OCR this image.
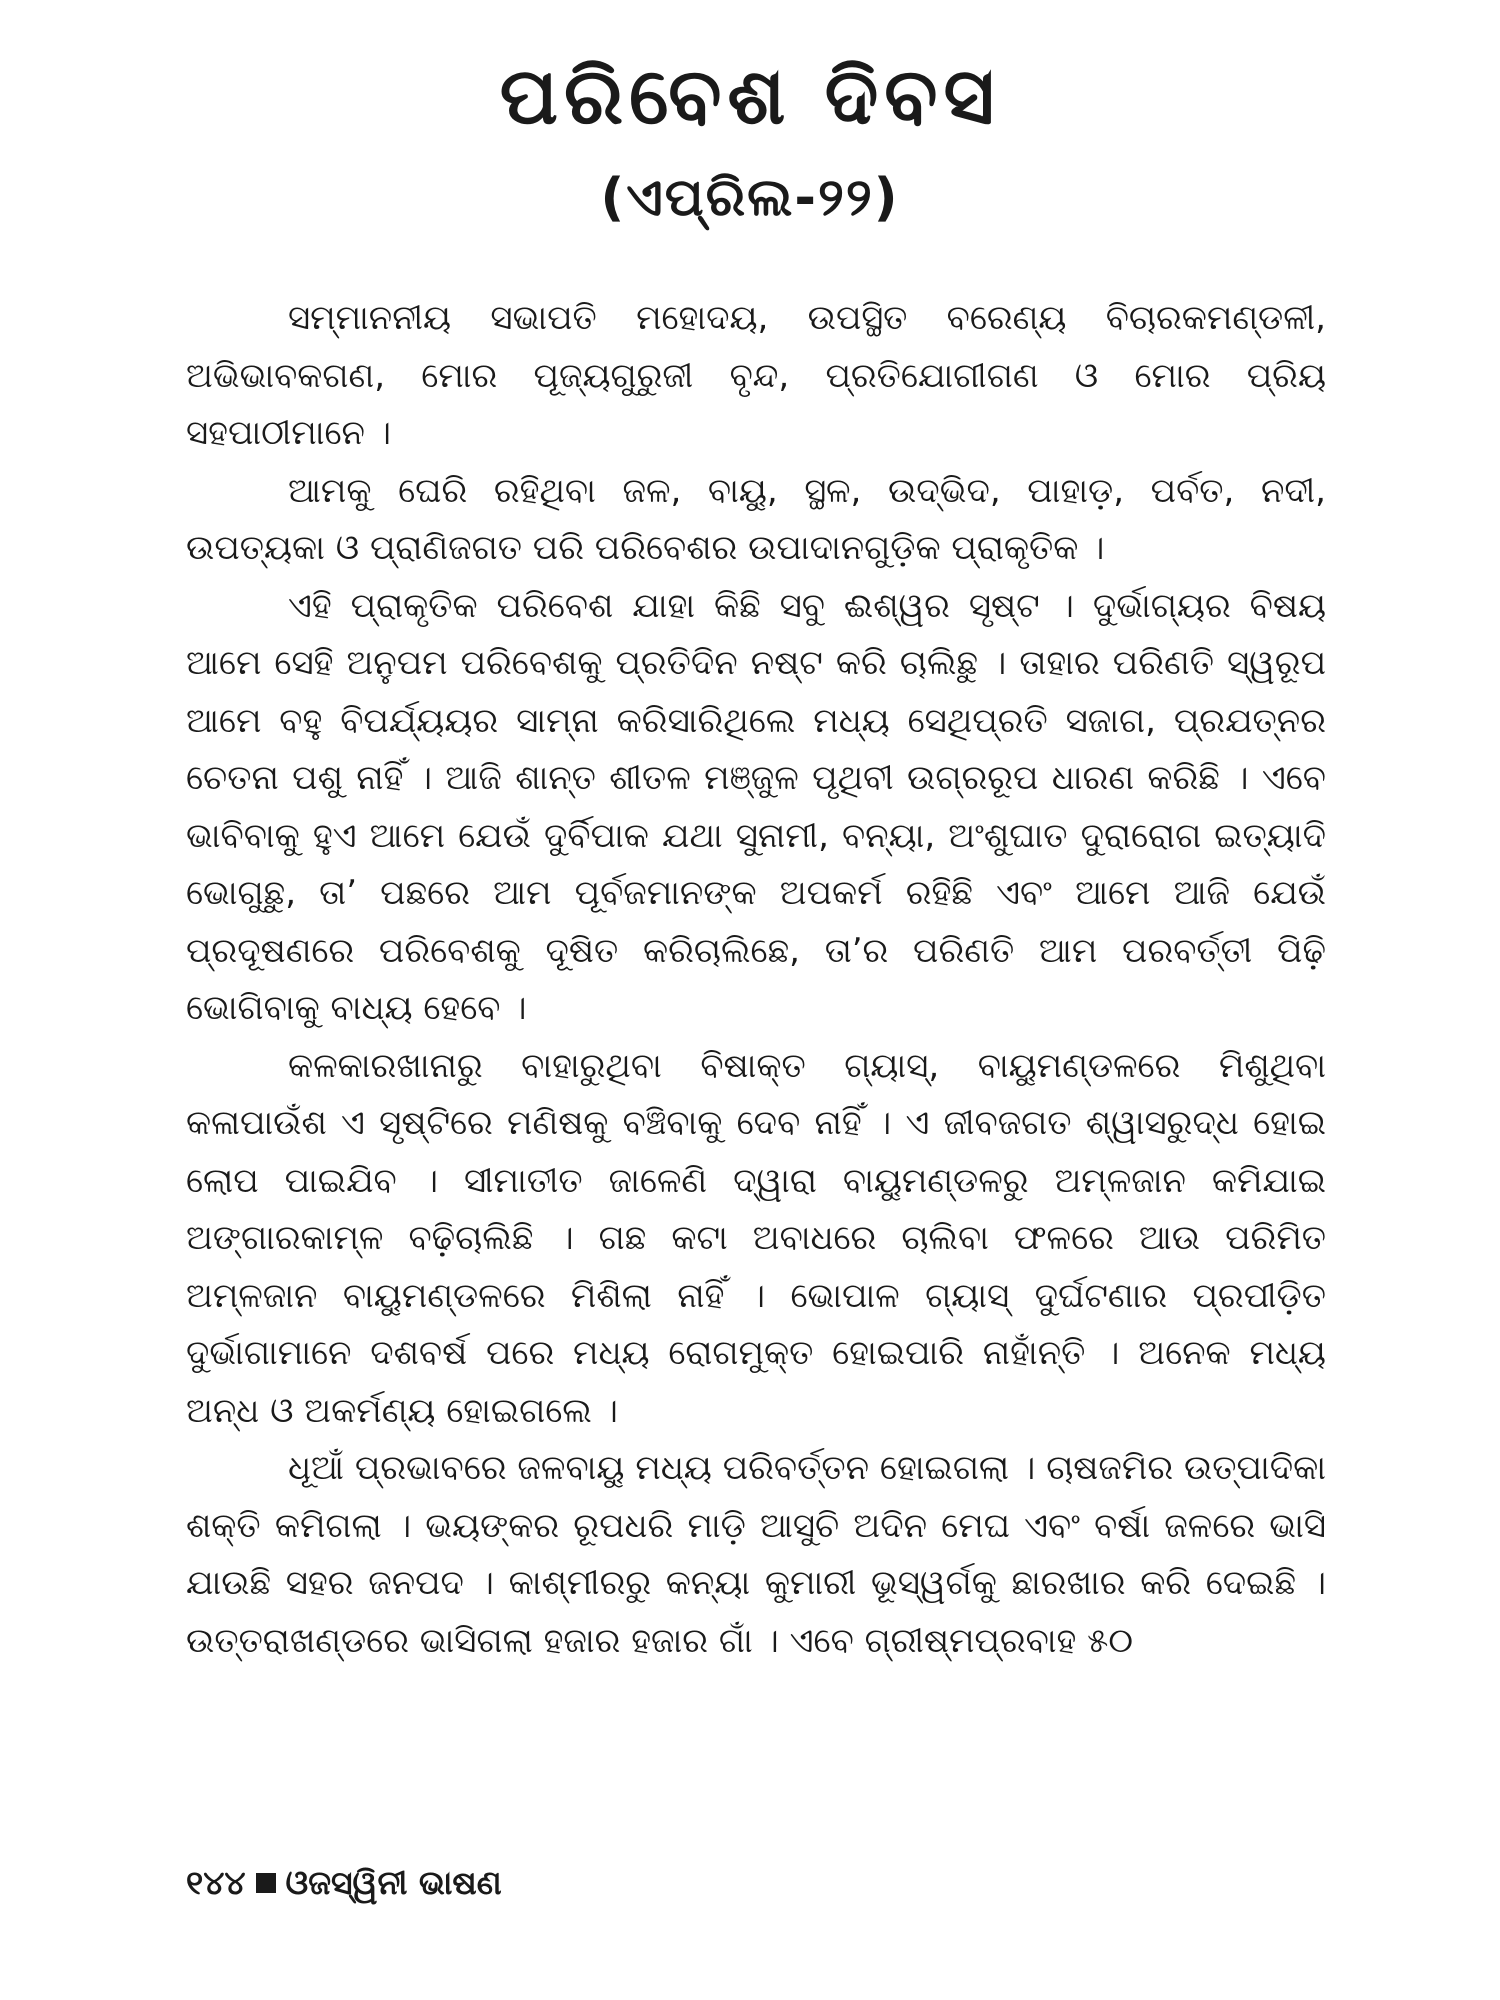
ପରିବେଶ ଦିବସ
(ଏପ୍ରିଲ-୨୨)

ସମ୍ମାନନୀୟ ସଭାପତି ମହୋଦୟ, ଉପସ୍ଥିତ ବରେଣ୍ୟ ବିଚାରକମଣ୍ଡଳୀ, ଅଭିଭାବକଗଣ, ମୋର ପୂଜ୍ୟଗୁରୁଜୀ ବୃନ୍ଦ, ପ୍ରତିଯୋଗୀଗଣ ଓ ମୋର ପ୍ରିୟ ସହପାଠୀମାନେ ।

ଆମକୁ ଘେରି ରହିଥିବା ଜଳ, ବାୟୁ, ସ୍ଥଳ, ଉଦ୍ଭିଦ, ପାହାଡ଼, ପର୍ବତ, ନଦୀ, ଉପତ୍ୟକା ଓ ପ୍ରାଣିଜଗତ ପରି ପରିବେଶର ଉପାଦାନଗୁଡ଼ିକ ପ୍ରାକୃତିକ ।

ଏହି ପ୍ରାକୃତିକ ପରିବେଶ ଯାହା କିଛି ସବୁ ଈଶ୍ୱର ସୃଷ୍ଟ । ଦୁର୍ଭାଗ୍ୟର ବିଷୟ ଆମେ ସେହି ଅନୁପମ ପରିବେଶକୁ ପ୍ରତିଦିନ ନଷ୍ଟ କରି ଚାଲିଛୁ । ତାହାର ପରିଣତି ସ୍ୱରୂପ ଆମେ ବହୁ ବିପର୍ଯ୍ୟୟର ସାମ୍ନା କରିସାରିଥିଲେ ମଧ୍ୟ ସେଥିପ୍ରତି ସଜାଗ, ପ୍ରଯତ୍ନର ଚେତନା ପଶୁ ନାହିଁ । ଆଜି ଶାନ୍ତ ଶୀତଳ ମଞ୍ଜୁଳ ପୃଥିବୀ ଉଗ୍ରରୂପ ଧାରଣ କରିଛି । ଏବେ ଭାବିବାକୁ ହୁଏ ଆମେ ଯେଉଁ ଦୁର୍ବିପାକ ଯଥା ସୁନାମୀ, ବନ୍ୟା, ଅଂଶୁଘାତ ଦୁରାରୋଗ ଇତ୍ୟାଦି ଭୋଗୁଛୁ, ତା’ ପଛରେ ଆମ ପୂର୍ବଜମାନଙ୍କ ଅପକର୍ମ ରହିଛି ଏବଂ ଆମେ ଆଜି ଯେଉଁ ପ୍ରଦୂଷଣରେ ପରିବେଶକୁ ଦୂଷିତ କରିଚାଲିଛେ, ତା’ର ପରିଣତି ଆମ ପରବର୍ତ୍ତୀ ପିଢ଼ି ଭୋଗିବାକୁ ବାଧ୍ୟ ହେବେ ।

କଳକାରଖାନାରୁ ବାହାରୁଥିବା ବିଷାକ୍ତ ଗ୍ୟାସ୍, ବାୟୁମଣ୍ଡଳରେ ମିଶୁଥିବା କଳାପାଉଁଶ ଏ ସୃଷ୍ଟିରେ ମଣିଷକୁ ବଞ୍ଚିବାକୁ ଦେବ ନାହିଁ । ଏ ଜୀବଜଗତ ଶ୍ୱାସରୁଦ୍ଧ ହୋଇ ଲୋପ ପାଇଯିବ । ସୀମାତୀତ ଜାଳେଣି ଦ୍ୱାରା ବାୟୁମଣ୍ଡଳରୁ ଅମ୍ଳଜାନ କମିଯାଇ ଅଙ୍ଗାରକାମ୍ଳ ବଢ଼ିଚାଲିଛି । ଗଛ କଟା ଅବାଧରେ ଚାଲିବା ଫଳରେ ଆଉ ପରିମିତ ଅମ୍ଳଜାନ ବାୟୁମଣ୍ଡଳରେ ମିଶିଲା ନାହିଁ । ଭୋପାଳ ଗ୍ୟାସ୍ ଦୁର୍ଘଟଣାର ପ୍ରପୀଡ଼ିତ ଦୁର୍ଭାଗାମାନେ ଦଶବର୍ଷ ପରେ ମଧ୍ୟ ରୋଗମୁକ୍ତ ହୋଇପାରି ନାହାଁନ୍ତି । ଅନେକ ମଧ୍ୟ ଅନ୍ଧ ଓ ଅକର୍ମଣ୍ୟ ହୋଇଗଲେ ।

ଧୂଆଁ ପ୍ରଭାବରେ ଜଳବାୟୁ ମଧ୍ୟ ପରିବର୍ତ୍ତନ ହୋଇଗଲା । ଚାଷଜମିର ଉତ୍ପାଦିକା ଶକ୍ତି କମିଗଲା । ଭୟଙ୍କର ରୂପଧରି ମାଡ଼ି ଆସୁଚି ଅଦିନ ମେଘ ଏବଂ ବର୍ଷା ଜଳରେ ଭାସି ଯାଉଛି ସହର ଜନପଦ । କାଶ୍ମୀରରୁ କନ୍ୟା କୁମାରୀ ଭୂସ୍ୱର୍ଗକୁ ଛାରଖାର କରି ଦେଇଛି । ଉତ୍ତରାଖଣ୍ଡରେ ଭାସିଗଲା ହଜାର ହଜାର ଗାଁ । ଏବେ ଗ୍ରୀଷ୍ମପ୍ରବାହ ୫୦

୧୪୪ ଓଜସ୍ୱିନୀ ଭାଷଣ
